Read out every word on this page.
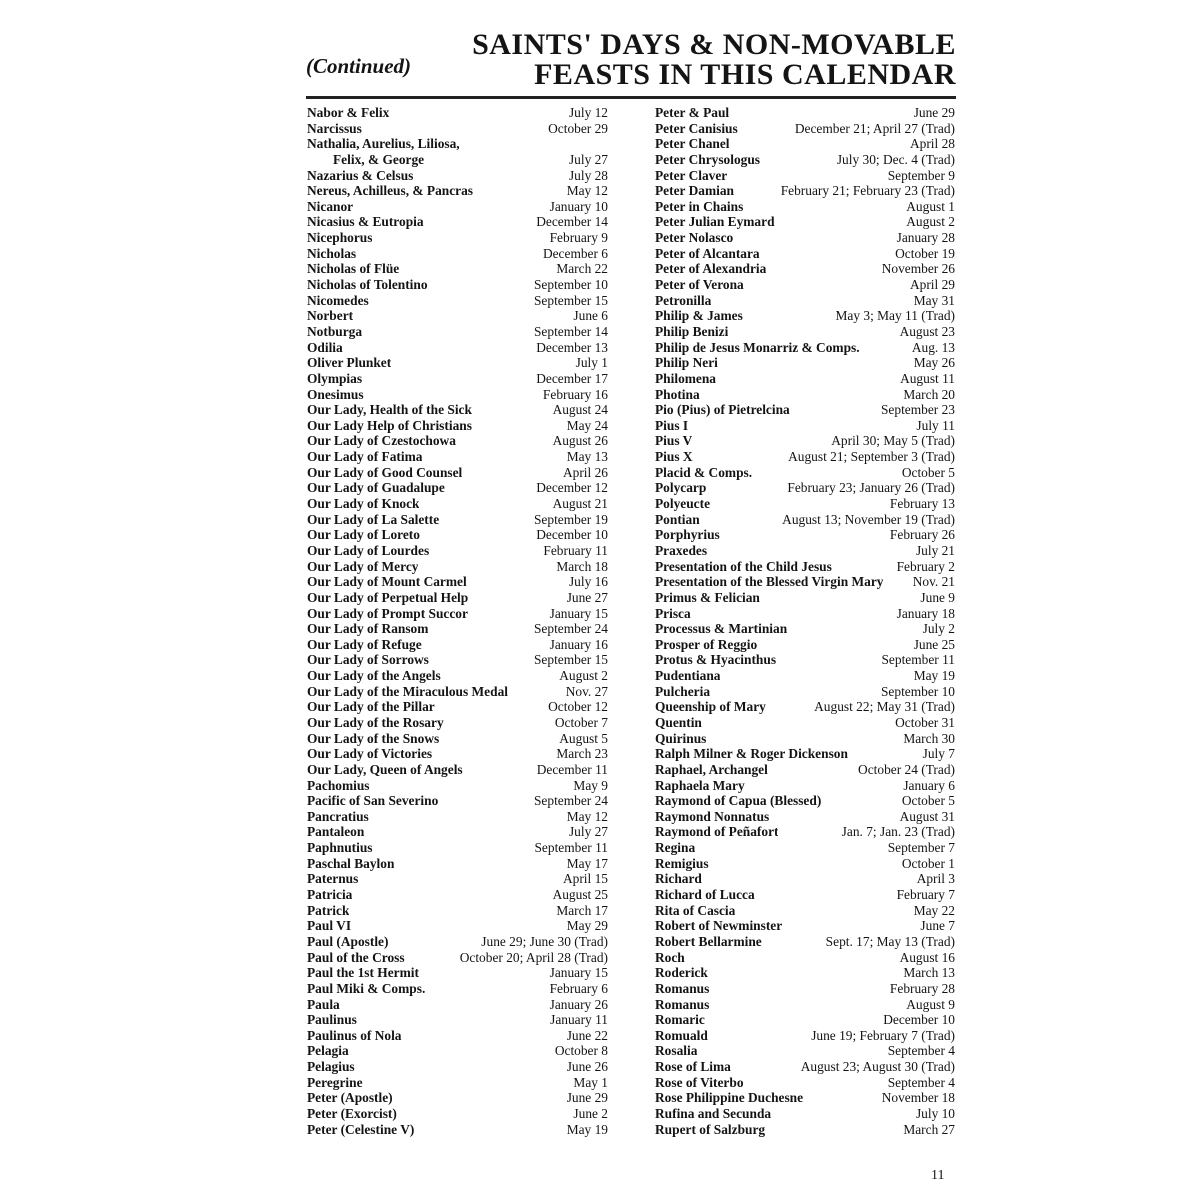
(Continued)
SAINTS' DAYS & NON-MOVABLE
FEASTS IN THIS CALENDAR
Nabor & Felix	July 12
Narcissus	October 29
Nathalia, Aurelius, Liliosa,
Felix, & George	July 27
Nazarius & Celsus	July 28
Nereus, Achilleus, & Pancras	May 12
Nicanor	January 10
Nicasius & Eutropia	December 14
Nicephorus	February 9
Nicholas	December 6
Nicholas of Flüe	March 22
Nicholas of Tolentino	September 10
Nicomedes	September 15
Norbert	June 6
Notburga	September 14
Odilia	December 13
Oliver Plunket	July 1
Olympias	December 17
Onesimus	February 16
Our Lady, Health of the Sick	August 24
Our Lady Help of Christians	May 24
Our Lady of Czestochowa	August 26
Our Lady of Fatima	May 13
Our Lady of Good Counsel	April 26
Our Lady of Guadalupe	December 12
Our Lady of Knock	August 21
Our Lady of La Salette	September 19
Our Lady of Loreto	December 10
Our Lady of Lourdes	February 11
Our Lady of Mercy	March 18
Our Lady of Mount Carmel	July 16
Our Lady of Perpetual Help	June 27
Our Lady of Prompt Succor	January 15
Our Lady of Ransom	September 24
Our Lady of Refuge	January 16
Our Lady of Sorrows	September 15
Our Lady of the Angels	August 2
Our Lady of the Miraculous Medal	Nov. 27
Our Lady of the Pillar	October 12
Our Lady of the Rosary	October 7
Our Lady of the Snows	August 5
Our Lady of Victories	March 23
Our Lady, Queen of Angels	December 11
Pachomius	May 9
Pacific of San Severino	September 24
Pancratius	May 12
Pantaleon	July 27
Paphnutius	September 11
Paschal Baylon	May 17
Paternus	April 15
Patricia	August 25
Patrick	March 17
Paul VI	May 29
Paul (Apostle)	June 29; June 30 (Trad)
Paul of the Cross	October 20; April 28 (Trad)
Paul the 1st Hermit	January 15
Paul Miki & Comps.	February 6
Paula	January 26
Paulinus	January 11
Paulinus of Nola	June 22
Pelagia	October 8
Pelagius	June 26
Peregrine	May 1
Peter (Apostle)	June 29
Peter (Exorcist)	June 2
Peter (Celestine V)	May 19
Peter & Paul	June 29
Peter Canisius	December 21; April 27 (Trad)
Peter Chanel	April 28
Peter Chrysologus	July 30; Dec. 4 (Trad)
Peter Claver	September 9
Peter Damian	February 21; February 23 (Trad)
Peter in Chains	August 1
Peter Julian Eymard	August 2
Peter Nolasco	January 28
Peter of Alcantara	October 19
Peter of Alexandria	November 26
Peter of Verona	April 29
Petronilla	May 31
Philip & James	May 3; May 11 (Trad)
Philip Benizi	August 23
Philip de Jesus Monarriz & Comps.	Aug. 13
Philip Neri	May 26
Philomena	August 11
Photina	March 20
Pio (Pius) of Pietrelcina	September 23
Pius I	July 11
Pius V	April 30; May 5 (Trad)
Pius X	August 21; September 3 (Trad)
Placid & Comps.	October 5
Polycarp	February 23; January 26 (Trad)
Polyeucte	February 13
Pontian	August 13; November 19 (Trad)
Porphyrius	February 26
Praxedes	July 21
Presentation of the Child Jesus	February 2
Presentation of the Blessed Virgin Mary Nov. 21
Primus & Felician	June 9
Prisca	January 18
Processus & Martinian	July 2
Prosper of Reggio	June 25
Protus & Hyacinthus	September 11
Pudentiana	May 19
Pulcheria	September 10
Queenship of Mary	August 22; May 31 (Trad)
Quentin	October 31
Quirinus	March 30
Ralph Milner & Roger Dickenson	July 7
Raphael, Archangel	October 24 (Trad)
Raphaela Mary	January 6
Raymond of Capua (Blessed)	October 5
Raymond Nonnatus	August 31
Raymond of Peñafort	Jan. 7; Jan. 23 (Trad)
Regina	September 7
Remigius	October 1
Richard	April 3
Richard of Lucca	February 7
Rita of Cascia	May 22
Robert of Newminster	June 7
Robert Bellarmine	Sept. 17; May 13 (Trad)
Roch	August 16
Roderick	March 13
Romanus	February 28
Romanus	August 9
Romaric	December 10
Romuald	June 19; February 7 (Trad)
Rosalia	September 4
Rose of Lima	August 23; August 30 (Trad)
Rose of Viterbo	September 4
Rose Philippine Duchesne	November 18
Rufina and Secunda	July 10
Rupert of Salzburg	March 27
11
